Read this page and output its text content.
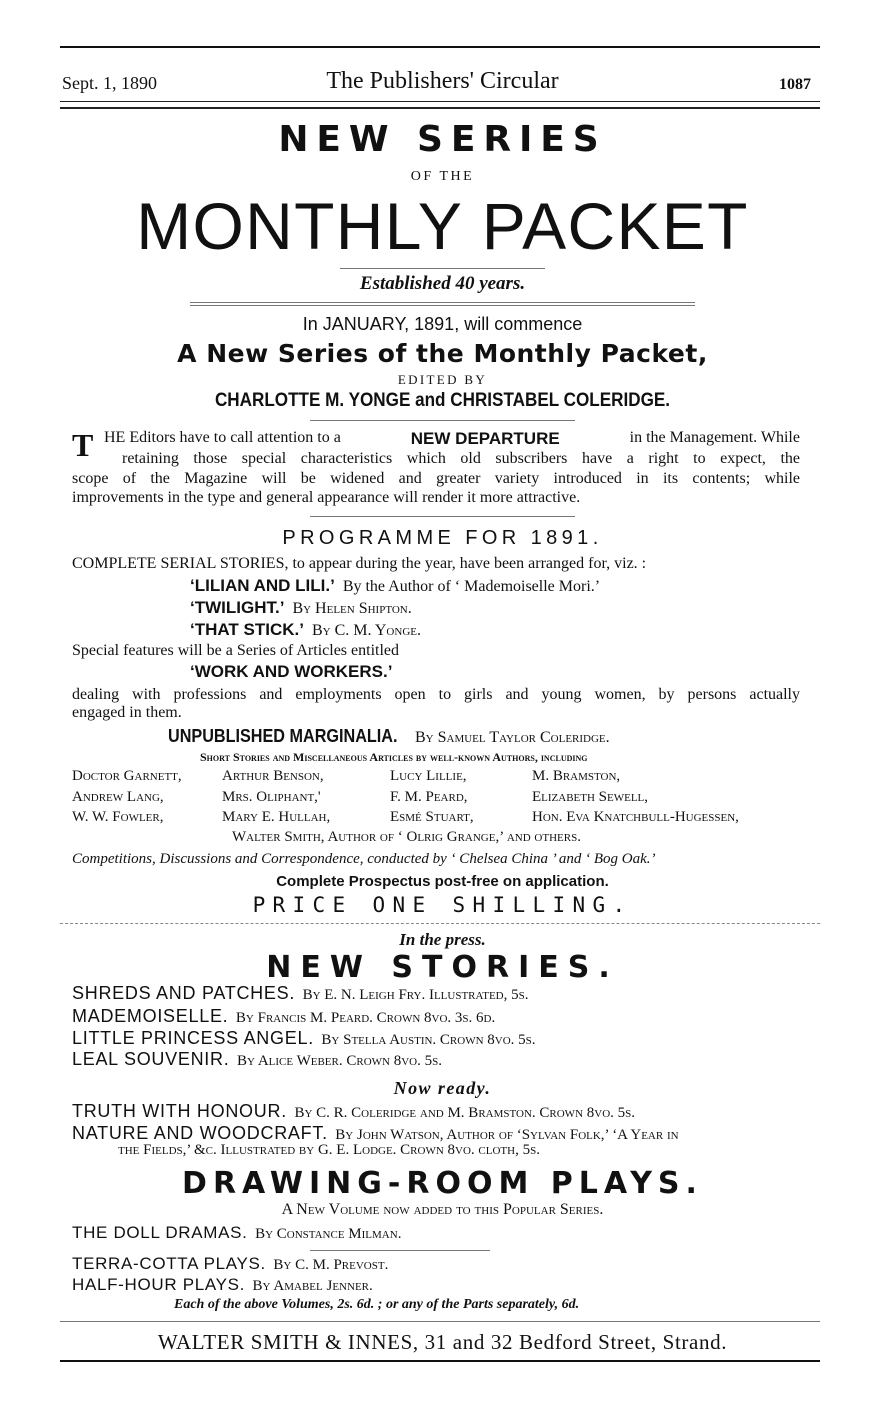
Sept. 1, 1890	The Publishers' Circular	1087
NEW SERIES
OF THE
MONTHLY PACKET
Established 40 years.
In JANUARY, 1891, will commence
A New Series of the Monthly Packet,
EDITED BY
CHARLOTTE M. YONGE and CHRISTABEL COLERIDGE.
T HE Editors have to call attention to a	NEW DEPARTURE	in the Management. While
retaining those special characteristics which old subscribers have a right to expect, the
scope of the Magazine will be widened and greater variety introduced in its contents; while
improvements in the type and general appearance will render it more attractive.
PROGRAMME FOR 1891.
COMPLETE SERIAL STORIES, to appear during the year, have been arranged for, viz. :
‘LILIAN AND LILI.’ By the Author of ‘ Mademoiselle Mori.’
‘TWILIGHT.’ By Helen Shipton.
‘THAT STICK.’ By C. M. Yonge.
Special features will be a Series of Articles entitled
‘WORK AND WORKERS.’
dealing with professions and employments open to girls and young women, by persons actually
engaged in them.
UNPUBLISHED MARGINALIA. By Samuel Taylor Coleridge.
Short Stories and Miscellaneous Articles by well-known Authors, including
Doctor Garnett,	Arthur Benson,	Lucy Lillie,	M. Bramston,
Andrew Lang,	Mrs. Oliphant,'	F. M. Peard,	Elizabeth Sewell,
W. W. Fowler,	Mary E. Hullah,	Esmé Stuart,	Hon. Eva Knatchbull-Hugessen,
Walter Smith, Author of ‘ Olrig Grange,’ and others.
Competitions, Discussions and Correspondence, conducted by ‘ Chelsea China ’ and ‘ Bog Oak.’
Complete Prospectus post-free on application.
PRICE ONE SHILLING.
In the press.
NEW STORIES.
SHREDS AND PATCHES. By E. N. Leigh Fry. Illustrated, 5s.
MADEMOISELLE. By Francis M. Peard. Crown 8vo. 3s. 6d.
LITTLE PRINCESS ANGEL. By Stella Austin. Crown 8vo. 5s.
LEAL SOUVENIR. By Alice Weber. Crown 8vo. 5s.
Now ready.
TRUTH WITH HONOUR. By C. R. Coleridge and M. Bramston. Crown 8vo. 5s.
NATURE AND WOODCRAFT. By John Watson, Author of ‘Sylvan Folk,’ ‘A Year in
the Fields,’ &c. Illustrated by G. E. Lodge. Crown 8vo. cloth, 5s.
DRAWING-ROOM PLAYS.
A New Volume now added to this Popular Series.
THE DOLL DRAMAS. By Constance Milman.
TERRA-COTTA PLAYS. By C. M. Prevost.
HALF-HOUR PLAYS. By Amabel Jenner.
Each of the above Volumes, 2s. 6d. ; or any of the Parts separately, 6d.
WALTER SMITH & INNES, 31 and 32 Bedford Street, Strand.
